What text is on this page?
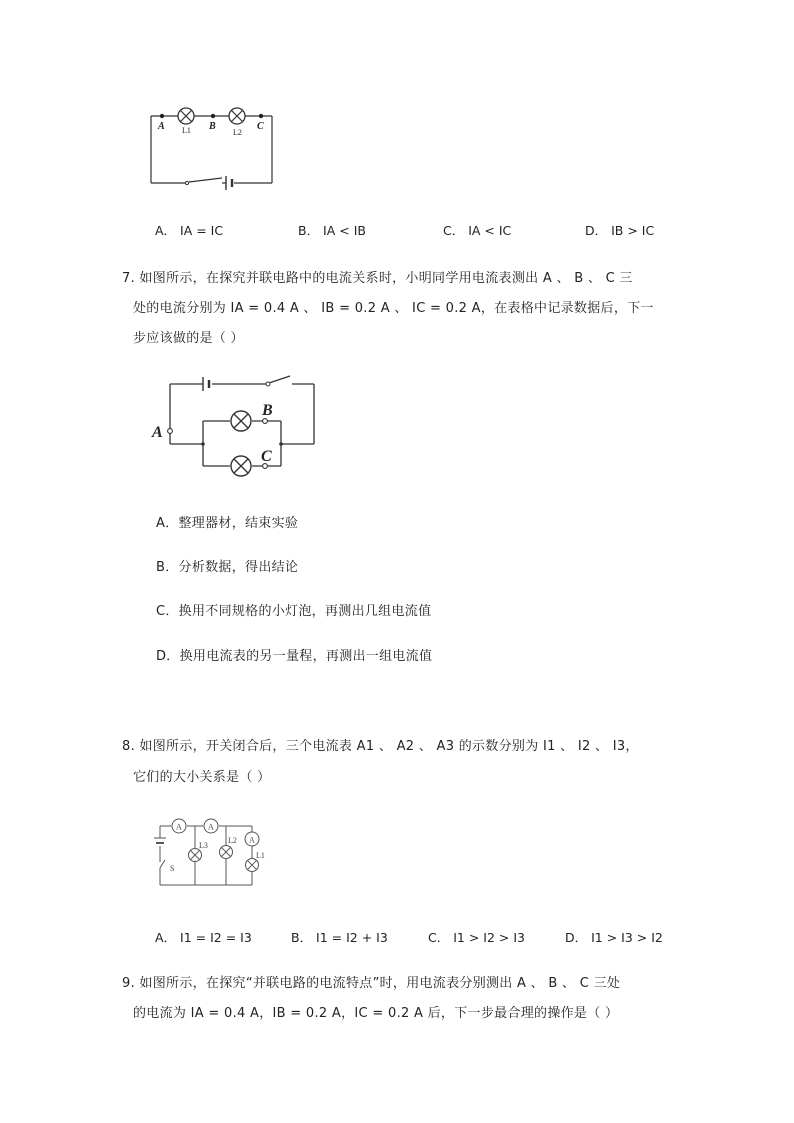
A	B	C
L1	L2
A． IA = IC	B． IA < IB	C． IA < IC	D． IB > IC
7. 如图所示，在探究并联电路中的电流关系时，小明同学用电流表测出 A 、 B 、 C 三
处的电流分别为 IA = 0.4 A 、 IB = 0.2 A 、 IC = 0.2 A，在表格中记录数据后，下一
步应该做的是（ ）
A
B
C
A．整理器材，结束实验
B．分析数据，得出结论
C．换用不同规格的小灯泡，再测出几组电流值
D．换用电流表的另一量程，再测出一组电流值
8. 如图所示，开关闭合后，三个电流表 A1 、 A2 、 A3 的示数分别为 I1 、 I2 、 I3，
它们的大小关系是（ ）
A	A
A
L3
L2
L1
S
A． I1 = I2 = I3	B． I1 = I2 + I3	C． I1 > I2 > I3	D． I1 > I3 > I2
9. 如图所示，在探究“并联电路的电流特点”时，用电流表分别测出 A 、 B 、 C 三处
的电流为 IA = 0.4 A，IB = 0.2 A，IC = 0.2 A 后，下一步最合理的操作是（ ）
